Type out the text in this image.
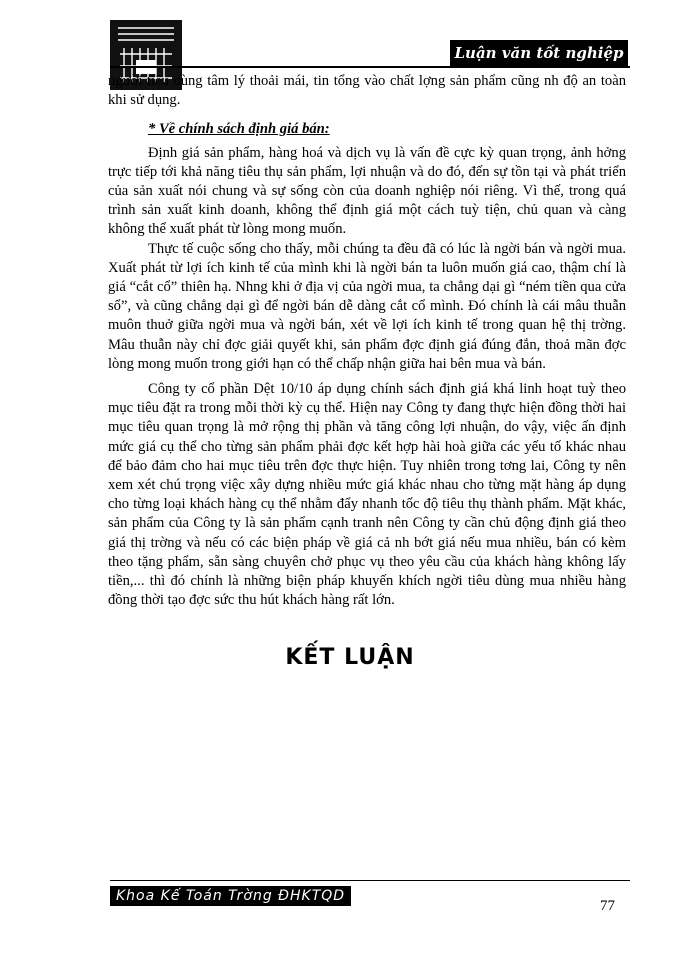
Luận văn tốt nghiệp

người tiêu dùng tâm lý thoải mái, tin tổng vào chất lợng sản phẩm cũng nh độ an toàn khi sử dụng.

* Về chính sách định giá bán:

Định giá sản phẩm, hàng hoá và dịch vụ là vấn đề cực kỳ quan trọng, ảnh hởng trực tiếp tới khả năng tiêu thụ sản phẩm, lợi nhuận và do đó, đến sự tồn tại và phát triển của sản xuất nói chung và sự sống còn của doanh nghiệp nói riêng. Vì thế, trong quá trình sản xuất kinh doanh, không thể định giá một cách tuỳ tiện, chủ quan và càng không thể xuất phát từ lòng mong muốn.

Thực tế cuộc sống cho thấy, mỗi chúng ta đều đã có lúc là ngời bán và ngời mua. Xuất phát từ lợi ích kinh tế của mình khi là ngời bán ta luôn muốn giá cao, thậm chí là giá “cắt cổ” thiên hạ. Nhng khi ở địa vị của ngời mua, ta chẳng dại gì “ném tiền qua cửa sổ”, và cũng chẳng dại gì để ngời bán dễ dàng cắt cổ mình. Đó chính là cái mâu thuẫn muôn thuở giữa ngời mua và ngời bán, xét về lợi ích kinh tế trong quan hệ thị trờng. Mâu thuẫn này chỉ đợc giải quyết khi, sản phẩm đợc định giá đúng đắn, thoả mãn đợc lòng mong muốn trong giới hạn có thể chấp nhận giữa hai bên mua và bán.

Công ty cổ phần Dệt 10/10 áp dụng chính sách định giá khá linh hoạt tuỳ theo mục tiêu đặt ra trong mỗi thời kỳ cụ thể. Hiện nay Công ty đang thực hiện đồng thời hai mục tiêu quan trọng là mở rộng thị phần và tăng công lợi nhuận, do vậy, việc ấn định mức giá cụ thể cho từng sản phẩm phải đợc kết hợp hài hoà giữa các yếu tố khác nhau để bảo đảm cho hai mục tiêu trên đợc thực hiện. Tuy nhiên trong tơng lai, Công ty nên xem xét chú trọng việc xây dựng nhiều mức giá khác nhau cho từng mặt hàng áp dụng cho từng loại khách hàng cụ thể nhằm đẩy nhanh tốc độ tiêu thụ thành phẩm. Mặt khác, sản phẩm của Công ty là sản phẩm cạnh tranh nên Công ty cần chủ động định giá theo giá thị trờng và nếu có các biện pháp về giá cả nh bớt giá nếu mua nhiều, bán có kèm theo tặng phẩm, sẵn sàng chuyên chở phục vụ theo yêu cầu của khách hàng không lấy tiền,... thì đó chính là những biện pháp khuyến khích ngời tiêu dùng mua nhiều hàng đồng thời tạo đợc sức thu hút khách hàng rất lớn.

KẾT LUẬN
Khoa Kế Toán Trờng ĐHKTQD
77
